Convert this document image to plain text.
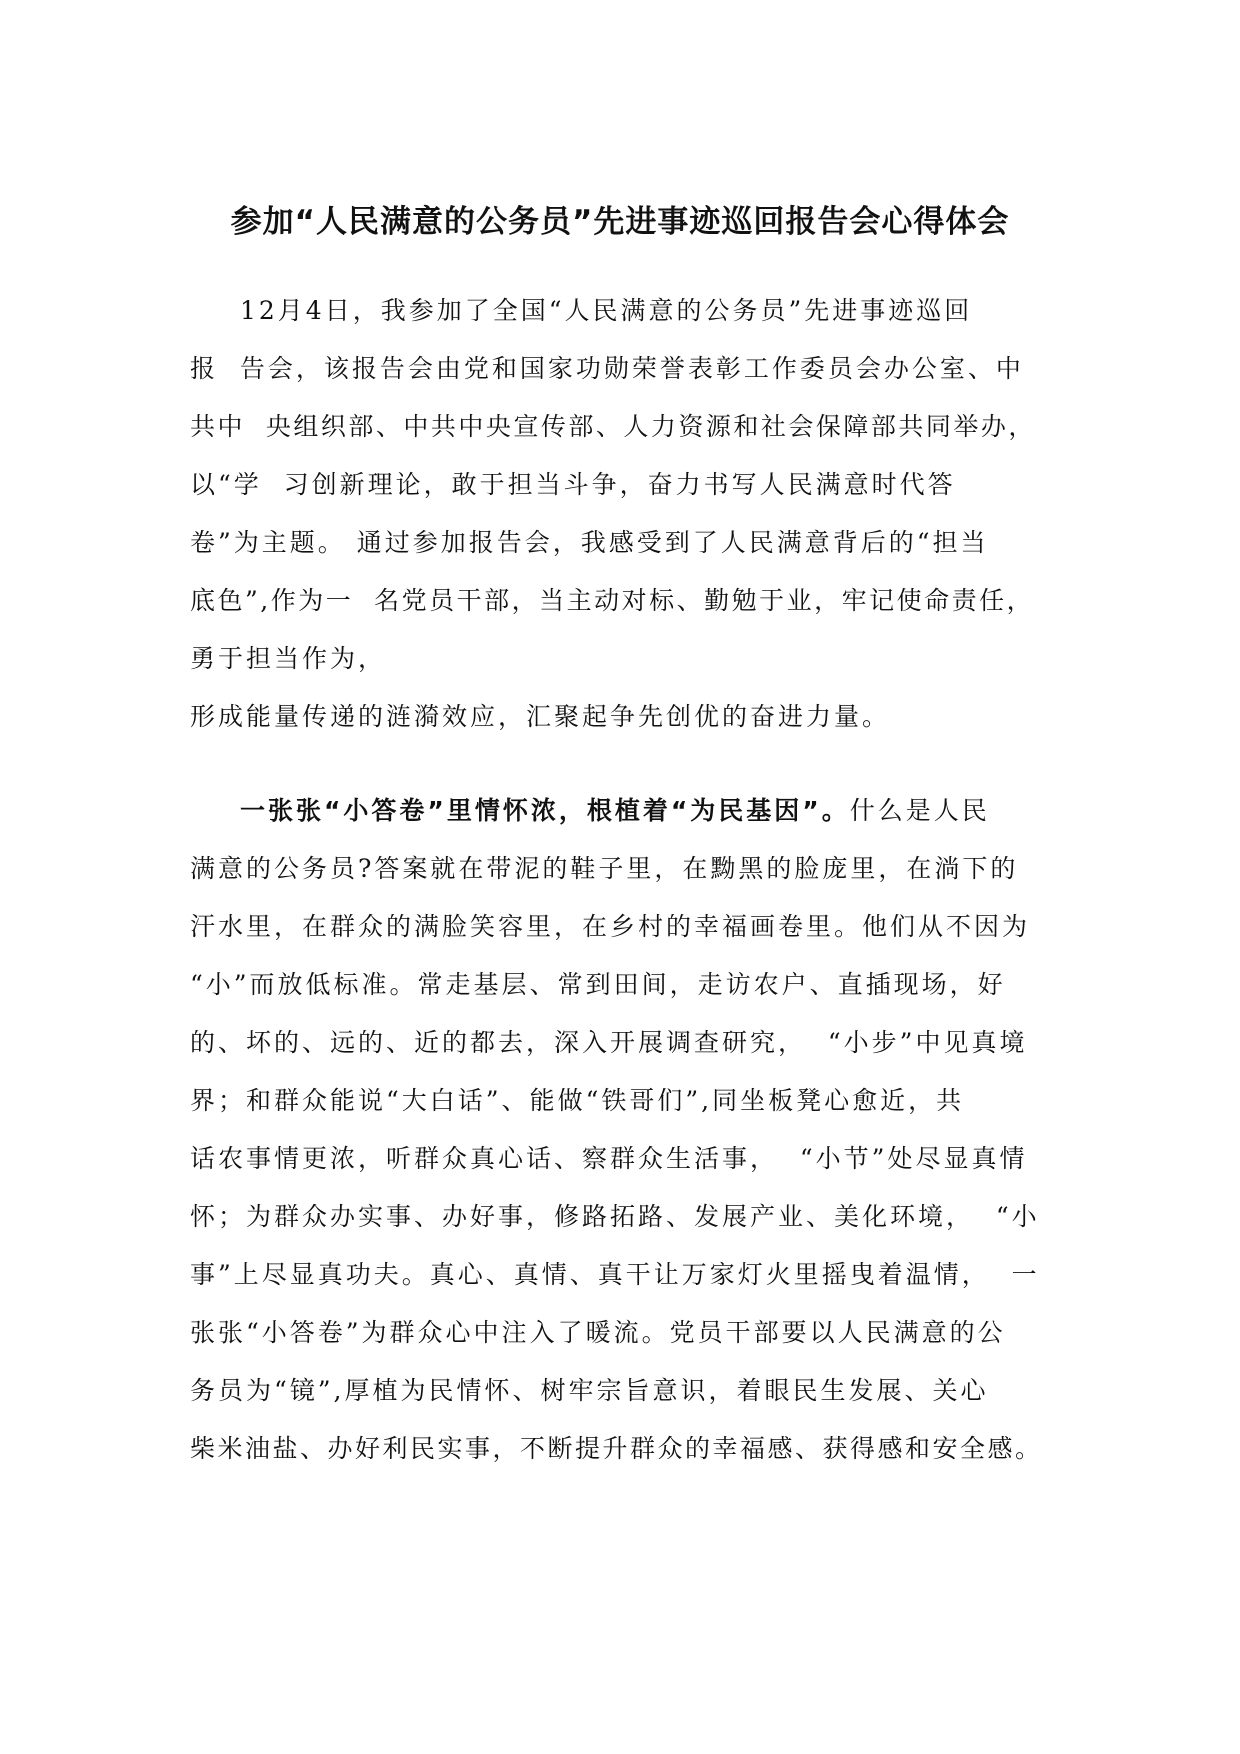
参加“人民满意的公务员”先进事迹巡回报告会心得体会
12月4日，我参加了全国“人民满意的公务员”先进事迹巡回
报  告会，该报告会由党和国家功勋荣誉表彰工作委员会办公室、中
共中  央组织部、中共中央宣传部、人力资源和社会保障部共同举办，
以“学  习创新理论，敢于担当斗争，奋力书写人民满意时代答
卷”为主题。 通过参加报告会，我感受到了人民满意背后的“担当
底色”,作为一  名党员干部，当主动对标、勤勉于业，牢记使命责任，
勇于担当作为，
形成能量传递的涟漪效应，汇聚起争先创优的奋进力量。
一张张“小答卷”里情怀浓，根植着“为民基因”。什么是人民
满意的公务员?答案就在带泥的鞋子里，在黝黑的脸庞里，在淌下的
汗水里，在群众的满脸笑容里，在乡村的幸福画卷里。他们从不因为
“小”而放低标准。常走基层、常到田间，走访农户、直插现场，好
的、坏的、远的、近的都去，深入开展调查研究，  “小步”中见真境
界；和群众能说“大白话”、能做“铁哥们”,同坐板凳心愈近，共
话农事情更浓，听群众真心话、察群众生活事，  “小节”处尽显真情
怀；为群众办实事、办好事，修路拓路、发展产业、美化环境，  “小
事”上尽显真功夫。真心、真情、真干让万家灯火里摇曳着温情，  一
张张“小答卷”为群众心中注入了暖流。党员干部要以人民满意的公
务员为“镜”,厚植为民情怀、树牢宗旨意识，着眼民生发展、关心
柴米油盐、办好利民实事，不断提升群众的幸福感、获得感和安全感。
